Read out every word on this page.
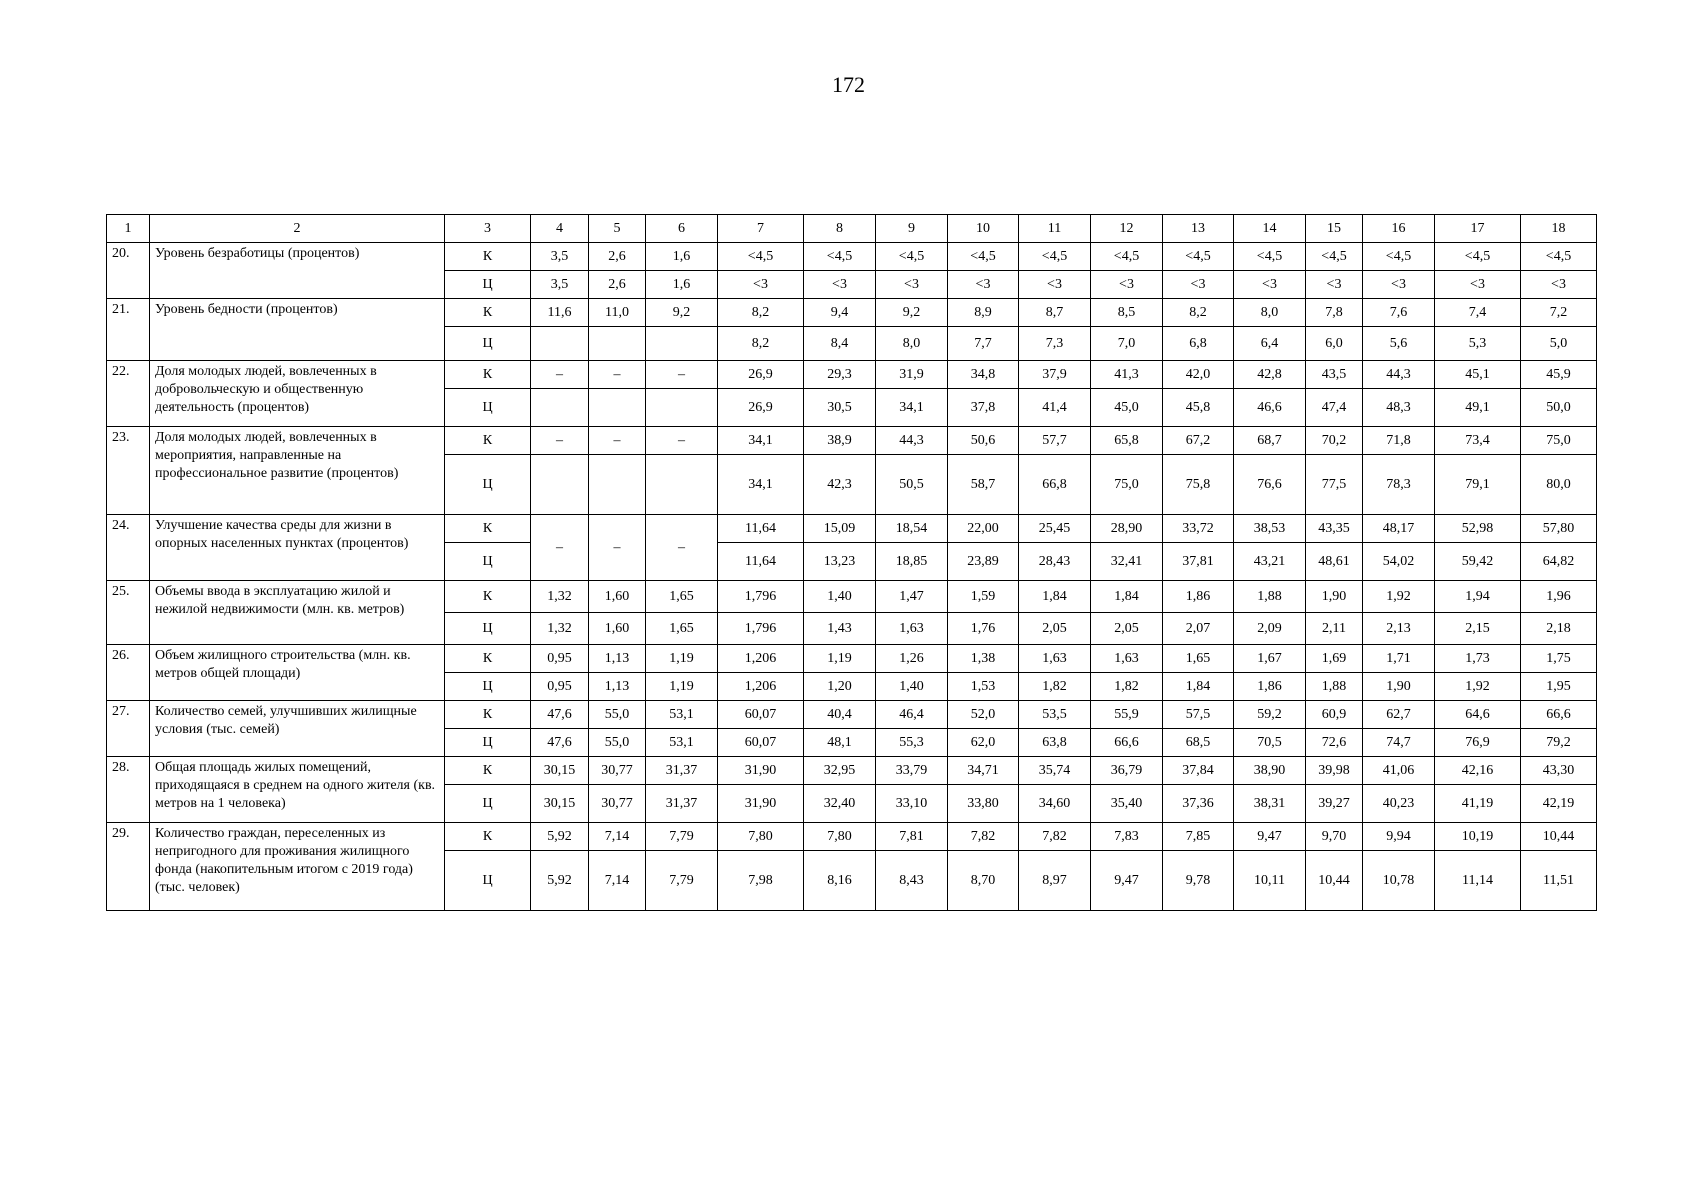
172
1	2	3	4	5	6	7	8	9	10	11	12	13	14	15	16	17	18
20.	Уровень безработицы (процентов)	К	3,5	2,6	1,6	<4,5	<4,5	<4,5	<4,5	<4,5	<4,5	<4,5	<4,5	<4,5	<4,5	<4,5	<4,5
		Ц	3,5	2,6	1,6	<3	<3	<3	<3	<3	<3	<3	<3	<3	<3	<3	<3
21.	Уровень бедности (процентов)	К	11,6	11,0	9,2	8,2	9,4	9,2	8,9	8,7	8,5	8,2	8,0	7,8	7,6	7,4	7,2
		Ц				8,2	8,4	8,0	7,7	7,3	7,0	6,8	6,4	6,0	5,6	5,3	5,0
22.	Доля молодых людей, вовлеченных в добровольческую и общественную деятельность (процентов)	К	–	–	–	26,9	29,3	31,9	34,8	37,9	41,3	42,0	42,8	43,5	44,3	45,1	45,9
		Ц				26,9	30,5	34,1	37,8	41,4	45,0	45,8	46,6	47,4	48,3	49,1	50,0
23.	Доля молодых людей, вовлеченных в мероприятия, направленные на профессиональное развитие (процентов)	К	–	–	–	34,1	38,9	44,3	50,6	57,7	65,8	67,2	68,7	70,2	71,8	73,4	75,0
		Ц				34,1	42,3	50,5	58,7	66,8	75,0	75,8	76,6	77,5	78,3	79,1	80,0
24.	Улучшение качества среды для жизни в опорных населенных пунктах (процентов)	К	–	–	–	11,64	15,09	18,54	22,00	25,45	28,90	33,72	38,53	43,35	48,17	52,98	57,80
		Ц				11,64	13,23	18,85	23,89	28,43	32,41	37,81	43,21	48,61	54,02	59,42	64,82
25.	Объемы ввода в эксплуатацию жилой и нежилой недвижимости (млн. кв. метров)	К	1,32	1,60	1,65	1,796	1,40	1,47	1,59	1,84	1,84	1,86	1,88	1,90	1,92	1,94	1,96
		Ц	1,32	1,60	1,65	1,796	1,43	1,63	1,76	2,05	2,05	2,07	2,09	2,11	2,13	2,15	2,18
26.	Объем жилищного строительства (млн. кв. метров общей площади)	К	0,95	1,13	1,19	1,206	1,19	1,26	1,38	1,63	1,63	1,65	1,67	1,69	1,71	1,73	1,75
		Ц	0,95	1,13	1,19	1,206	1,20	1,40	1,53	1,82	1,82	1,84	1,86	1,88	1,90	1,92	1,95
27.	Количество семей, улучшивших жилищные условия (тыс. семей)	К	47,6	55,0	53,1	60,07	40,4	46,4	52,0	53,5	55,9	57,5	59,2	60,9	62,7	64,6	66,6
		Ц	47,6	55,0	53,1	60,07	48,1	55,3	62,0	63,8	66,6	68,5	70,5	72,6	74,7	76,9	79,2
28.	Общая площадь жилых помещений, приходящаяся в среднем на одного жителя (кв. метров на 1 человека)	К	30,15	30,77	31,37	31,90	32,95	33,79	34,71	35,74	36,79	37,84	38,90	39,98	41,06	42,16	43,30
		Ц	30,15	30,77	31,37	31,90	32,40	33,10	33,80	34,60	35,40	37,36	38,31	39,27	40,23	41,19	42,19
29.	Количество граждан, переселенных из непригодного для проживания жилищного фонда (накопительным итогом с 2019 года) (тыс. человек)	К	5,92	7,14	7,79	7,80	7,80	7,81	7,82	7,82	7,83	7,85	9,47	9,70	9,94	10,19	10,44
		Ц	5,92	7,14	7,79	7,98	8,16	8,43	8,70	8,97	9,47	9,78	10,11	10,44	10,78	11,14	11,51
